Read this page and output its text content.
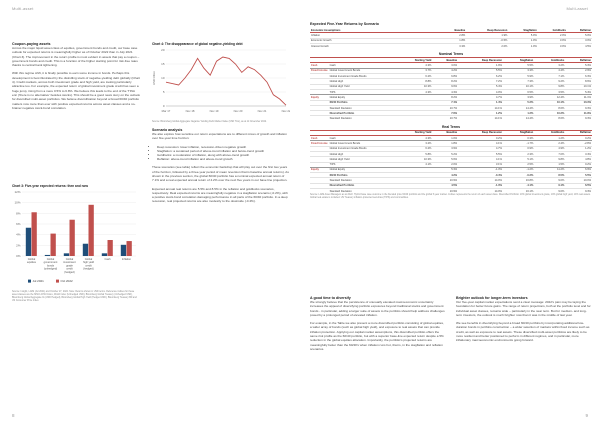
Multi-asset
Coupon-paying assets

Across the major liquid asset class of equities, government bonds and credit, our base case outlook for expected returns is meaningfully higher as of October 2022 than in July 2021 (Chart 3). The improvement in the return profile is most evident in assets that pay a coupon – government bonds and credit. This is a function of the higher starting point for risk-free rates thanks to central bank tightening.

With this regime shift, it is finally possible to earn some income in bonds. Perhaps this development is best illustrated by the dwindling stock of negative-yielding debt globally (Chart 4). Credit markets, across both investment grade and high yield, are looking particularly attractive too. For example, the expected return of global investment grade credit has seen a huge jump, rising from a mere 0.5% to 6.8%. We believe this leads to the end of the 'TINA era' ('there is no alternative' besides stocks). This should be a good news story on the outlook for diversified multi-asset portfolios. We believe diversification beyond a broad 60/40 portfolio matters now more than ever with positive expected returns across asset classes and a no-brainer negative stock-bond correlation.

Chart 3: Five-year expected returns: then and now
0%
2%
4%
6%
8%
10%
12%
Global
equities
Global
government
bonds
(unhedged)
Global
investment
grade
credit
(hedged)
Global
high yield
credit
(hedged)
Cash	Inflation
Jul 2021	Oct 2022
Source: Insight, LGIM (Jul 2021) and October 27, 2022. Note: Returns shown in USD terms. Reference indices for these asset classes are the MSCI ACWI Index, World Index (Unhedged USD), Bloomberg Global Treasury (Unhedged USD), Bloomberg Global Aggregate IG (USD Hedged), Bloomberg Global High Yield (Hedged USD), Bloomberg Treasury Bill and US Consumer Price Index.
Chart 4: The disappearance of global negative-yielding debt
0
5
10
15
20
USD trillion
Mar 17	Nov 18	Nov 19	Nov 20	Nov 21	Nov 22
Source: Bloomberg Global Aggregate Negative Yielding Debt Market Value (USD Tlns), as at 11 November 2022.
Scenario analysis

We also explore how sensitive our return expectations are to different mixes of growth and inflation over five-year time horizon:

• Deep recession: lower inflation, recession-driven negative growth
• Stagflation: a sustained period of above-trend inflation and below-trend growth
• Goldilocks: a moderation of inflation, along with above-trend growth
• Reflation: above-trend inflation and above-trend growth

These scenarios (see table) reflect the economic backdrop that will play out over the first two years of the horizon, followed by a three-year period of mean reversion that is baseline annual returns). As shown in the previous section, the global 60/40 portfolio has a nominal expected annual return of 7.1% and a real expected annual return of 4.2% over the next five years in our base line projection.

Expected annual real returns are 5.5% and 8.5% in the reflation and goldilocks scenarios, respectively. Real expected returns are meaningfully negative in a stagflation scenario (-0.2%), with a positive stock-bond correlation damaging performance in all parts of the 60/40 portfolio. In a deep recession, real projected returns are also modestly to the downside (-0.4%).

8
Multi-asset
Expected Five-Year Returns by Scenario
Economic Assumptions	Baseline	Deep Recession	Stagflation	Goldilocks	Reflation
Inflation	2.8%	1.9%	5.0%	2.0%	5.0%
Economic Growth	1.8%	-0.5%	1.0%	3.0%	3.0%
Interest Growth	3.3%	2.0%	1.0%	3.0%	4.5%
Nominal Terms
		Starting Yield	Baseline	Deep Recession	Stagflation	Goldilocks	Reflation
Cash	Cash	4.3%	3.0%	1.9%	5.5%	3.2%	5.3%
Fixed Income	Global Government Bonds	3.7%	4.2%	5.5%	3.3%	4.4%	2.9%
	Global Investment Grade Bonds	6.2%	6.8%	6.2%	5.9%	7.1%	6.3%
	Global High	8.8%	8.2%	7.2%	7.3%	9.2%	8.6%
	Global High Yield	10.3%	9.6%	5.4%	10.1%	9.8%	10.1%
	TIPS	4.3%	4.3%	4.0%	6.5%	3.5%	5.4%
Equity	Global Equity		8.2%	4.7%	3.9%	12.4%	11.1%
	60/40 Portfolio		7.1%	1.4%	5.2%	10.1%	10.3%
	Standard Deviation		10.7%	14.1%	14.4%	8.6%	9.3%
	Diversified Portfolio		7.6%	1.2%	1.2%	10.2%	11.9%
	Standard Deviation		10.7%	14.1%	14.4%	8.6%	9.3%
Real Terms
		Starting Yield	Baseline	Deep Recession	Stagflation	Goldilocks	Reflation
Cash	Cash	4.3%	1.0%	0.2%	0.3%	1.2%	0.2%
Fixed Income	Global Government Bonds	3.2%	1.8%	4.1%	-1.7%	2.4%	-2.8%
	Global Investment Grade Bonds	6.2%	3.9%	4.7%	0.9%	4.9%	1.2%
	Global High	5.8%	5.2%	5.5%	2.3%	7.0%	3.4%
	Global High Yield	10.3%	5.6%	4.1%	5.1%	9.8%	4.8%
	TIPS	4.1%	2.0%	3.1%	2.5%	1.5%	0.2%
Equity	Global Equity		5.3%	-1.3%	-1.2%	11.2%	6.9%
	60/40 Portfolio		4.2%	-0.4%	-0.2%	8.5%	5.5%
	Standard Deviation		10.9%	14.0%	16.8%	9.0%	10.0%
	Diversified Portfolio		4.5%	-1.3%	-4.1%	9.1%	6.5%
	Standard Deviation		10.9%	14.0%	16.1%	9.0%	9.3%
Source: LGIM Asset Managers as at 2022. Hybrid base case outcome in the blended price 60/40 portfolio and the global 5-year market. Indices represents the return of each asset class. Diversified Portfolio: 10% global investment grade, 10% global high yield, 10% real assets. Global real estate is included. US Treasury inflation-protected securities (TIPS) and commodities.
A good time to diversify

We strongly believe that the persistence of unusually elevated macroeconomic uncertainty increases the appeal of diversifying portfolio exposures beyond traditional stocks and government bonds - in particular, adding a larger suite of assets to the portfolio should help address challenges posed by a prolonged period of elevated inflation.

For example, in the Table we also present a more diversified portfolio consisting of global equities, a wider array of bonds (such as global high yield), and exposure to real assets that can provide inflation protection. Applying our capital market assumptions, this diversified portfolio offers the same risk profile as the 60/40 portfolio, but with a superior base-line expected return despite a 5% reduction in the global equities allocation. Importantly, the portfolio's projected returns are meaningfully better than the 60/40's when inflation runs hot, that is, in the stagflation and reflation scenarios.

Brighter outlook for longer-term investors

Our five-year capital market expectations send a clear message: 2022's pain may be laying the foundation for better future gains. The range of return projections, both at the portfolio level and for individual asset classes, remains wide – particularly in the near term. But for medium- and long-term investors, the outlook is much brighter now than it was in the middle of last year.

We see benefits in diversifying beyond a broad 60/40 portfolio by incorporating additional low-duration bonds in portfolio construction – a wider selection of markets within fixed income such as credit, as well as exposure to real assets. These diversified multi-asset portfolios are likely to be more resilient and better positioned to perform in different regimes, and in particular, more inflationary macroeconomic environments going forward.

9
